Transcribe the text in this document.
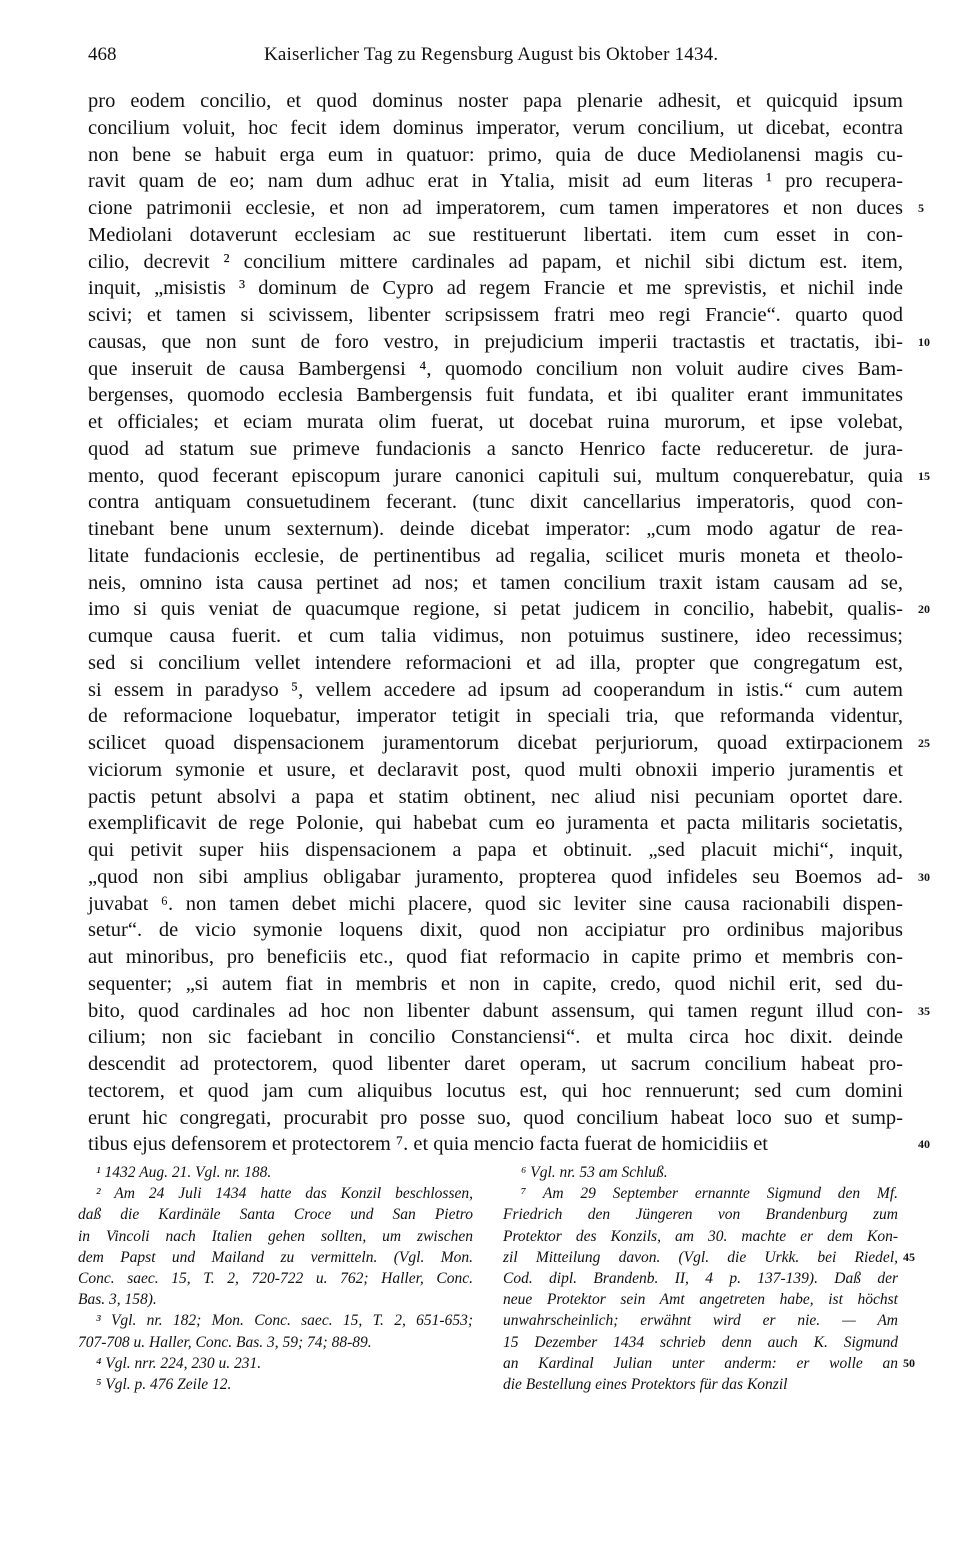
468	Kaiserlicher Tag zu Regensburg August bis Oktober 1434.
pro eodem concilio, et quod dominus noster papa plenarie adhesit, et quicquid ipsum
concilium voluit, hoc fecit idem dominus imperator, verum concilium, ut dicebat, econtra
non bene se habuit erga eum in quatuor: primo, quia de duce Mediolanensi magis cu-
ravit quam de eo; nam dum adhuc erat in Ytalia, misit ad eum literas ¹ pro recupera-
cione patrimonii ecclesie, et non ad imperatorem, cum tamen imperatores et non duces 5
Mediolani dotaverunt ecclesiam ac sue restituerunt libertati. item cum esset in con-
cilio, decrevit ² concilium mittere cardinales ad papam, et nichil sibi dictum est. item,
inquit, „misistis ³ dominum de Cypro ad regem Francie et me sprevistis, et nichil inde
scivi; et tamen si scivissem, libenter scripsissem fratri meo regi Francie“. quarto quod
causas, que non sunt de foro vestro, in prejudicium imperii tractastis et tractatis, ibi- 10
que inseruit de causa Bambergensi ⁴, quomodo concilium non voluit audire cives Bam-
bergenses, quomodo ecclesia Bambergensis fuit fundata, et ibi qualiter erant immunitates
et officiales; et eciam murata olim fuerat, ut docebat ruina murorum, et ipse volebat,
quod ad statum sue primeve fundacionis a sancto Henrico facte reduceretur. de jura-
mento, quod fecerant episcopum jurare canonici capituli sui, multum conquerebatur, quia 15
contra antiquam consuetudinem fecerant. (tunc dixit cancellarius imperatoris, quod con-
tinebant bene unum sexternum). deinde dicebat imperator: „cum modo agatur de rea-
litate fundacionis ecclesie, de pertinentibus ad regalia, scilicet muris moneta et theolo-
neis, omnino ista causa pertinet ad nos; et tamen concilium traxit istam causam ad se,
imo si quis veniat de quacumque regione, si petat judicem in concilio, habebit, qualis- 20
cumque causa fuerit. et cum talia vidimus, non potuimus sustinere, ideo recessimus;
sed si concilium vellet intendere reformacioni et ad illa, propter que congregatum est,
si essem in paradyso ⁵, vellem accedere ad ipsum ad cooperandum in istis.“ cum autem
de reformacione loquebatur, imperator tetigit in speciali tria, que reformanda videntur,
scilicet quoad dispensacionem juramentorum dicebat perjuriorum, quoad extirpacionem 25
viciorum symonie et usure, et declaravit post, quod multi obnoxii imperio juramentis et
pactis petunt absolvi a papa et statim obtinent, nec aliud nisi pecuniam oportet dare.
exemplificavit de rege Polonie, qui habebat cum eo juramenta et pacta militaris societatis,
qui petivit super hiis dispensacionem a papa et obtinuit. „sed placuit michi“, inquit,
„quod non sibi amplius obligabar juramento, propterea quod infideles seu Boemos ad- 30
juvabat ⁶. non tamen debet michi placere, quod sic leviter sine causa racionabili dispen-
setur“. de vicio symonie loquens dixit, quod non accipiatur pro ordinibus majoribus
aut minoribus, pro beneficiis etc., quod fiat reformacio in capite primo et membris con-
sequenter; „si autem fiat in membris et non in capite, credo, quod nichil erit, sed du-
bito, quod cardinales ad hoc non libenter dabunt assensum, qui tamen regunt illud con- 35
cilium; non sic faciebant in concilio Constanciensi“. et multa circa hoc dixit. deinde
descendit ad protectorem, quod libenter daret operam, ut sacrum concilium habeat pro-
tectorem, et quod jam cum aliquibus locutus est, qui hoc rennuerunt; sed cum domini
erunt hic congregati, procurabit pro posse suo, quod concilium habeat loco suo et sump-
tibus ejus defensorem et protectorem ⁷. et quia mencio facta fuerat de homicidiis et	40
¹ 1432 Aug. 21. Vgl. nr. 188.
² Am 24 Juli 1434 hatte das Konzil beschlossen,
daß die Kardinäle Santa Croce und San Pietro
in Vincoli nach Italien gehen sollten, um zwischen
dem Papst und Mailand zu vermitteln. (Vgl. Mon.
Conc. saec. 15, T. 2, 720-722 u. 762; Haller, Conc.
Bas. 3, 158).
³ Vgl. nr. 182; Mon. Conc. saec. 15, T. 2, 651-653;
707-708 u. Haller, Conc. Bas. 3, 59; 74; 88-89.
⁴ Vgl. nrr. 224, 230 u. 231.
⁵ Vgl. p. 476 Zeile 12.
⁶ Vgl. nr. 53 am Schluß.
⁷ Am 29 September ernannte Sigmund den Mf.
Friedrich den Jüngeren von Brandenburg zum
Protektor des Konzils, am 30. machte er dem Kon-
zil Mitteilung davon. (Vgl. die Urkk. bei Riedel, 45
Cod. dipl. Brandenb. II, 4 p. 137-139). Daß der
neue Protektor sein Amt angetreten habe, ist höchst
unwahrscheinlich; erwähnt wird er nie. — Am
15 Dezember 1434 schrieb denn auch K. Sigmund
an Kardinal Julian unter anderm: er wolle an 50
die Bestellung eines Protektors für das Konzil
